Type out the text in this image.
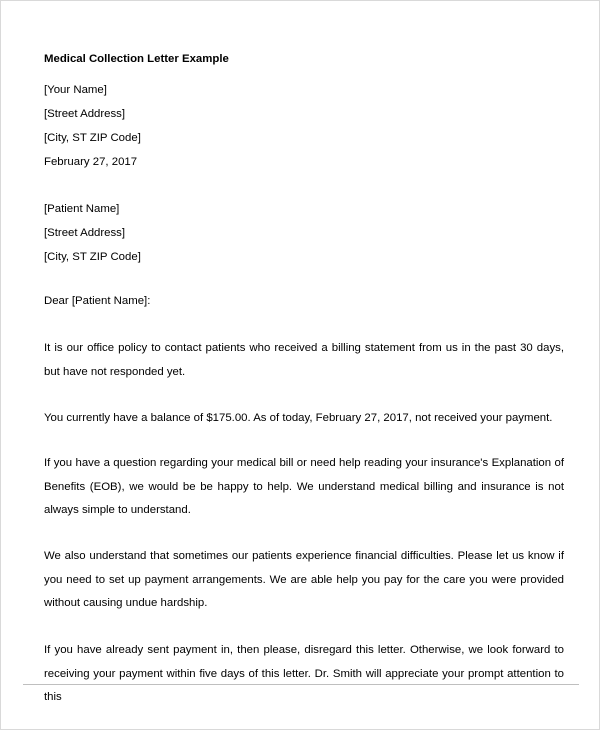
Medical Collection Letter Example
[Your Name]
[Street Address]
[City, ST ZIP Code]
February 27, 2017
[Patient Name]
[Street Address]
[City, ST ZIP Code]
Dear [Patient Name]:
It is our office policy to contact patients who received a billing statement from us in the past 30 days, but have not responded yet.
You currently have a balance of $175.00. As of today, February 27, 2017, not received your payment.
If you have a question regarding your medical bill or need help reading your insurance's Explanation of Benefits (EOB), we would be be happy to help. We understand medical billing and insurance is not always simple to understand.
We also understand that sometimes our patients experience financial difficulties. Please let us know if you need to set up payment arrangements. We are able help you pay for the care you were provided without causing undue hardship.
If you have already sent payment in, then please, disregard this letter. Otherwise, we look forward to receiving your payment within five days of this letter. Dr. Smith will appreciate your prompt attention to this
